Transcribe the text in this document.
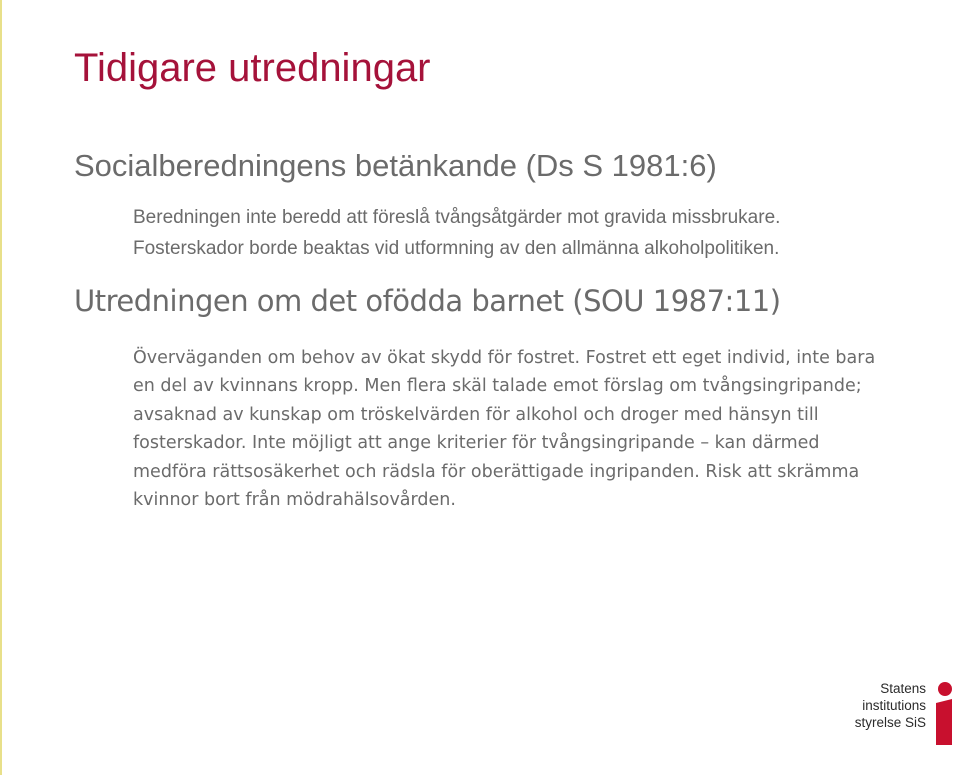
Tidigare utredningar
Socialberedningens betänkande (Ds S 1981:6)

Beredningen inte beredd att föreslå tvångsåtgärder mot gravida missbrukare.

Fosterskador borde beaktas vid utformning av den allmänna alkoholpolitiken.

Utredningen om det ofödda barnet (SOU 1987:11)

Överväganden om behov av ökat skydd för fostret. Fostret ett eget individ, inte bara

en del av kvinnans kropp. Men flera skäl talade emot förslag om tvångsingripande;

avsaknad av kunskap om tröskelvärden för alkohol och droger med hänsyn till

fosterskador. Inte möjligt att ange kriterier för tvångsingripande – kan därmed

medföra rättsosäkerhet och rädsla för oberättigade ingripanden. Risk att skrämma

kvinnor bort från mödrahälsovården.

Statens
institutions
styrelse SiS
